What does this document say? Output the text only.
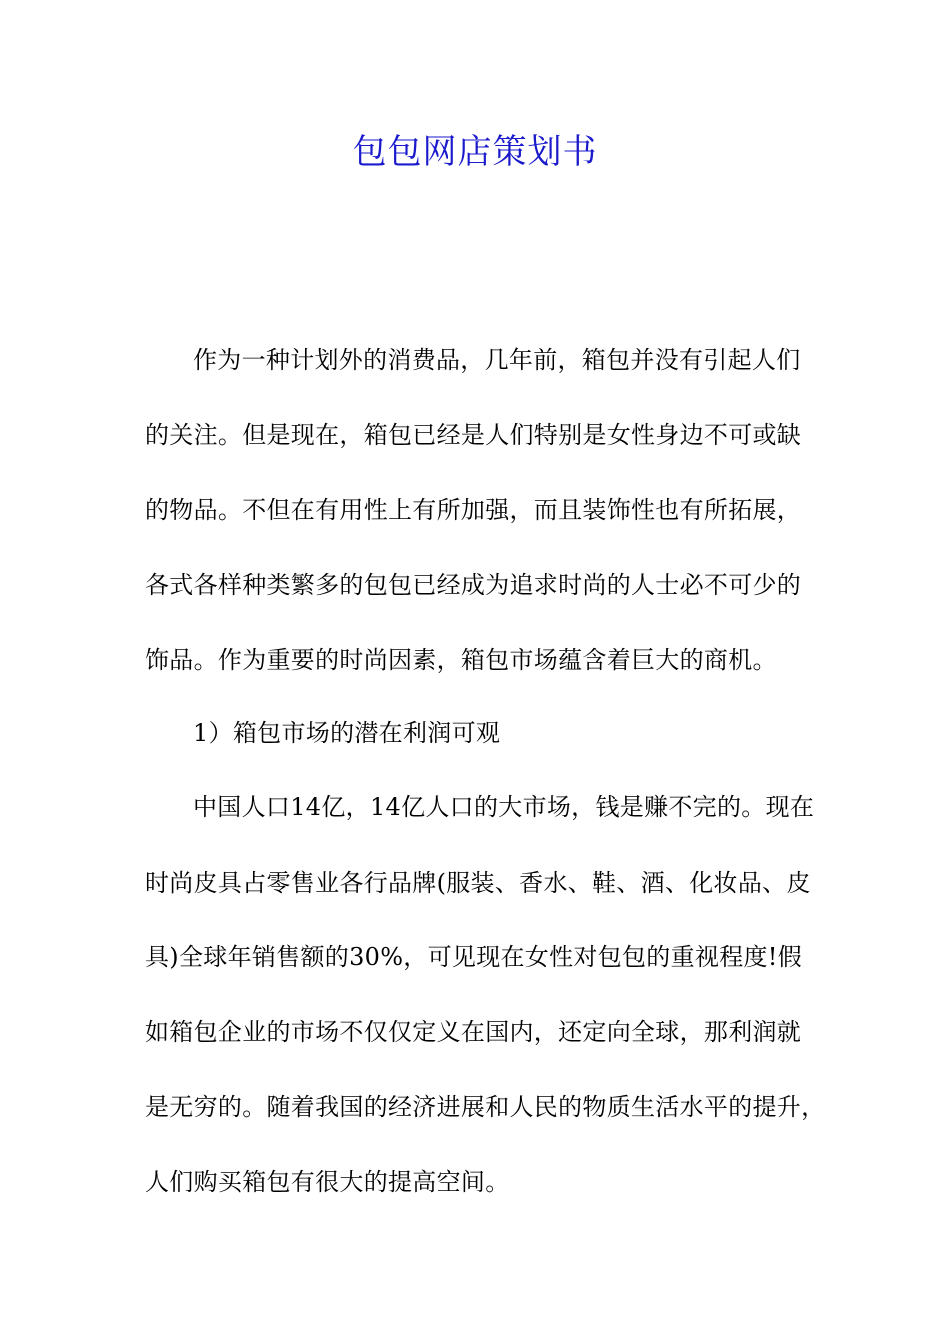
包包网店策划书
作为一种计划外的消费品，几年前，箱包并没有引起人们
的关注。但是现在，箱包已经是人们特别是女性身边不可或缺
的物品。不但在有用性上有所加强，而且装饰性也有所拓展，
各式各样种类繁多的包包已经成为追求时尚的人士必不可少的
饰品。作为重要的时尚因素，箱包市场蕴含着巨大的商机。
1）箱包市场的潜在利润可观
中国人口14亿，14亿人口的大市场，钱是赚不完的。现在
时尚皮具占零售业各行品牌(服装、香水、鞋、酒、化妆品、皮
具)全球年销售额的30%，可见现在女性对包包的重视程度!假
如箱包企业的市场不仅仅定义在国内，还定向全球，那利润就
是无穷的。随着我国的经济进展和人民的物质生活水平的提升，
人们购买箱包有很大的提高空间。
